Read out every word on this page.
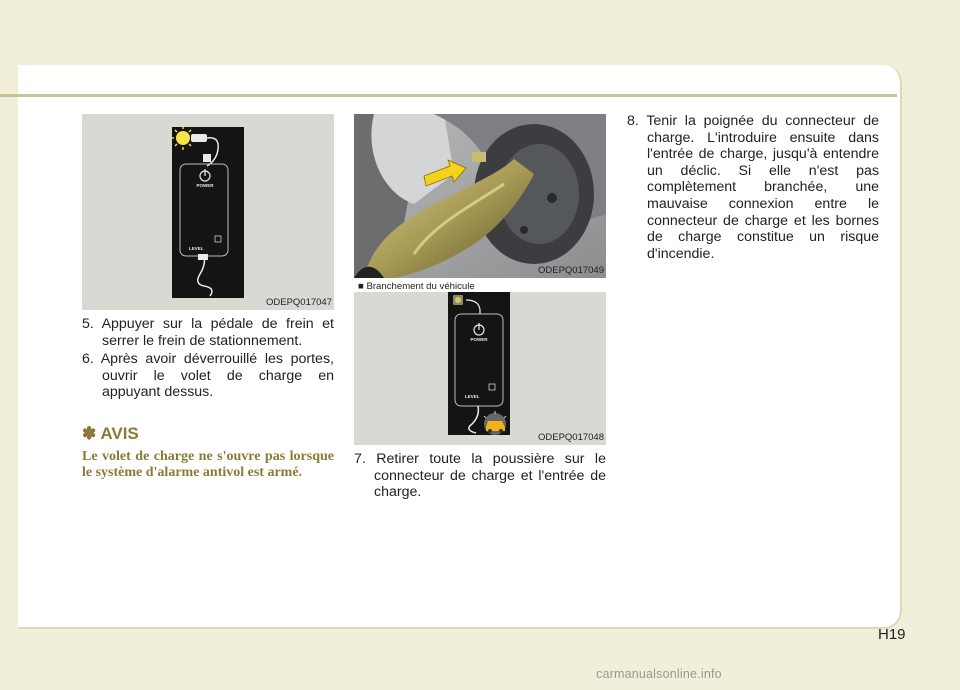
POWER
LEVEL
ODEPQ017047
ODEPQ017049
■ Branchement du véhicule
POWER
LEVEL
ODEPQ017048
5. Appuyer sur la pédale de frein et serrer le frein de stationnement.
6. Après avoir déverrouillé les portes, ouvrir le volet de charge en appuyant dessus.
✽ AVIS
Le volet de charge ne s'ouvre pas lorsque le système d'alarme antivol est armé.
7. Retirer toute la poussière sur le connecteur de charge et l'entrée de charge.
8. Tenir la poignée du connecteur de charge. L'introduire ensuite dans l'entrée de charge, jusqu'à entendre un déclic. Si elle n'est pas complètement branchée, une mauvaise connexion entre le connecteur de charge et les bornes de charge constitue un risque d'incendie.
H19
carmanualsonline.info
